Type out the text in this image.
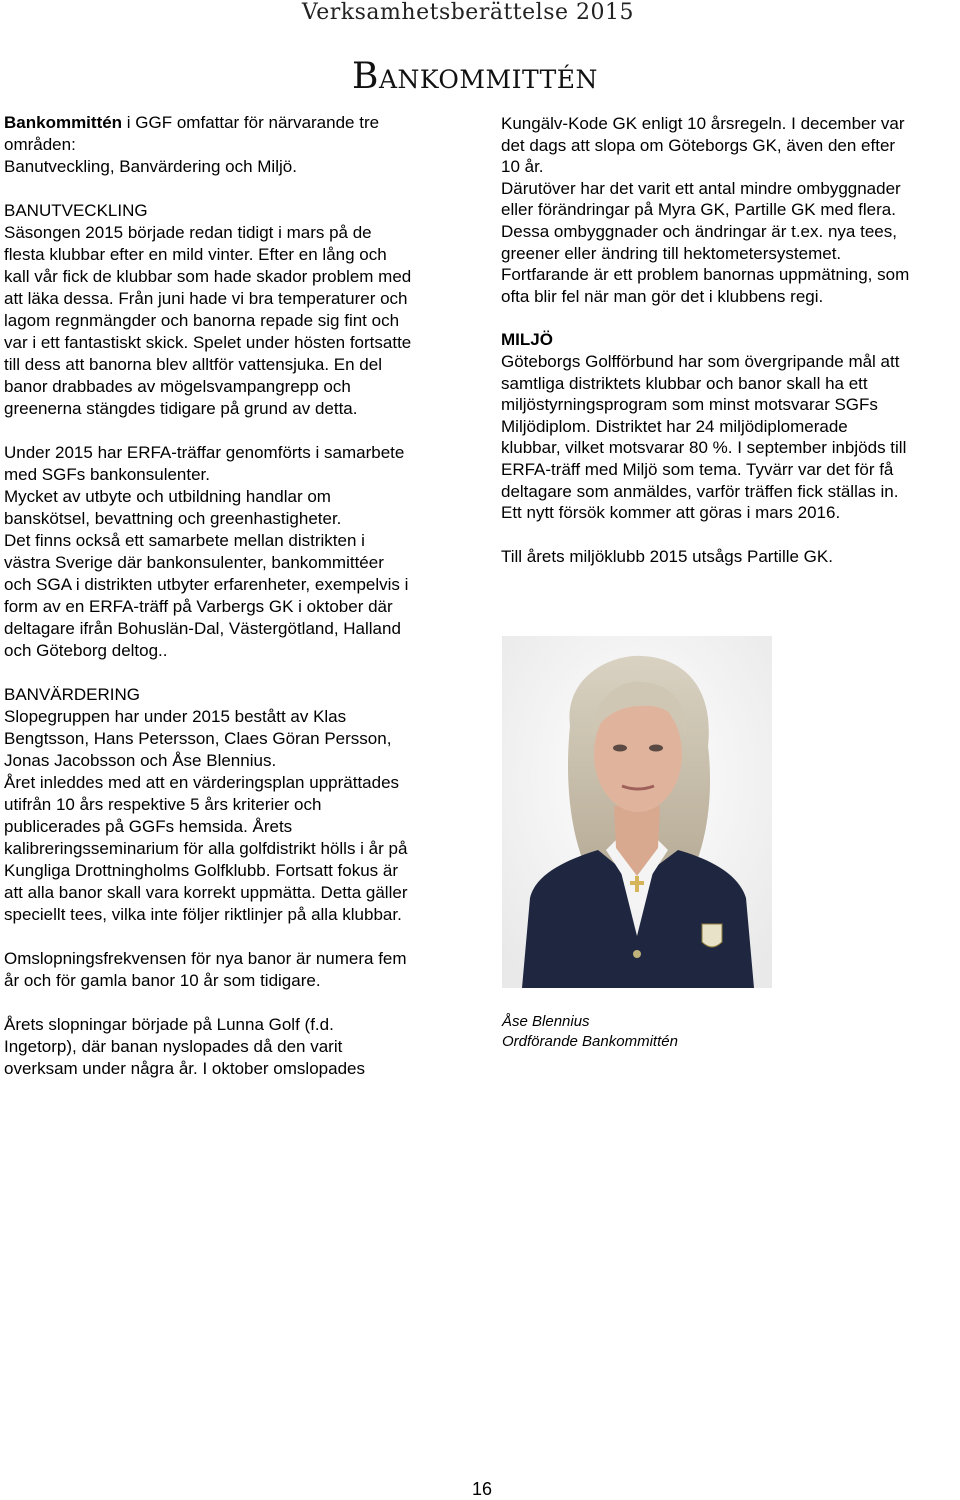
Verksamhetsberättelse 2015
Bankommittén

Bankommittén i GGF omfattar för närvarande tre

områden:

Banutveckling, Banvärdering och Miljö.

BANUTVECKLING

Säsongen 2015 började redan tidigt i mars på de

flesta klubbar efter en mild vinter. Efter en lång och

kall vår fick de klubbar som hade skador problem med

att läka dessa. Från juni hade vi bra temperaturer och

lagom regnmängder och banorna repade sig fint och

var i ett fantastiskt skick. Spelet under hösten fortsatte

till dess att banorna blev alltför vattensjuka. En del

banor drabbades av mögelsvampangrepp och

greenerna stängdes tidigare på grund av detta.

Under 2015 har ERFA-träffar genomförts i samarbete

med SGFs bankonsulenter.

Mycket av utbyte och utbildning handlar om

banskötsel, bevattning och greenhastigheter.

Det finns också ett samarbete mellan distrikten i

västra Sverige där bankonsulenter, bankommittéer

och SGA i distrikten utbyter erfarenheter, exempelvis i

form av en ERFA-träff på Varbergs GK i oktober där

deltagare ifrån Bohuslän-Dal, Västergötland, Halland

och Göteborg deltog..

BANVÄRDERING

Slopegruppen har under 2015 bestått av Klas

Bengtsson, Hans Petersson, Claes Göran Persson,

Jonas Jacobsson och Åse Blennius.

Året inleddes med att en värderingsplan upprättades

utifrån 10 års respektive 5 års kriterier och

publicerades på GGFs hemsida. Årets

kalibreringsseminarium för alla golfdistrikt hölls i år på

Kungliga Drottningholms Golfklubb. Fortsatt fokus är

att alla banor skall vara korrekt uppmätta. Detta gäller

speciellt tees, vilka inte följer riktlinjer på alla klubbar.

Omslopningsfrekvensen för nya banor är numera fem

år och för gamla banor 10 år som tidigare.

Årets slopningar började på Lunna Golf (f.d.

Ingetorp), där banan nyslopades då den varit

overksam under några år. I oktober omslopades

Kungälv-Kode GK enligt 10 årsregeln. I december var

det dags att slopa om Göteborgs GK, även den efter

10 år.

Därutöver har det varit ett antal mindre ombyggnader

eller förändringar på Myra GK, Partille GK med flera.

Dessa ombyggnader och ändringar är t.ex. nya tees,

greener eller ändring till hektometersystemet.

Fortfarande är ett problem banornas uppmätning, som

ofta blir fel när man gör det i klubbens regi.

MILJÖ

Göteborgs Golfförbund har som övergripande mål att

samtliga distriktets klubbar och banor skall ha ett

miljöstyrningsprogram som minst motsvarar SGFs

Miljödiplom. Distriktet har 24 miljödiplomerade

klubbar, vilket motsvarar 80 %. I september inbjöds till

ERFA-träff med Miljö som tema. Tyvärr var det för få

deltagare som anmäldes, varför träffen fick ställas in.

Ett nytt försök kommer att göras i mars 2016.

Till årets miljöklubb 2015 utsågs Partille GK.

Åse Blennius
Ordförande Bankommittén
16
